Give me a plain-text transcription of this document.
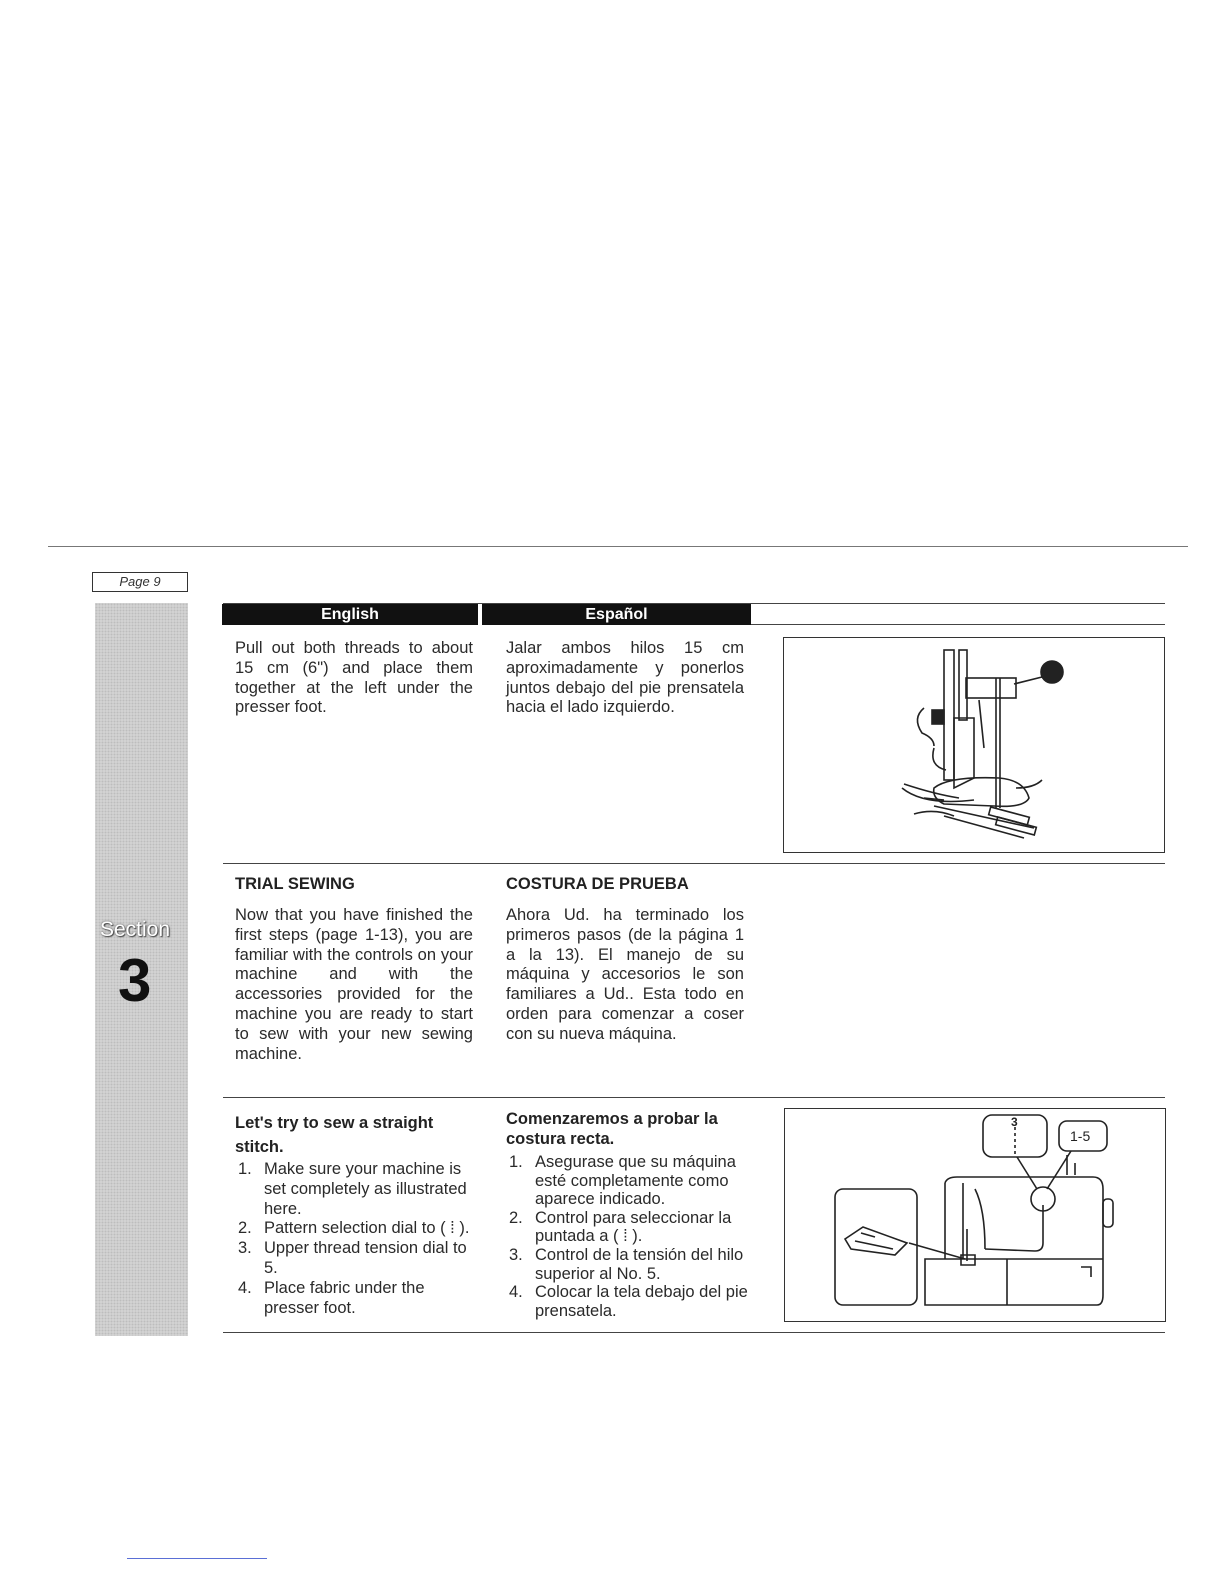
Page 9
Section
3
English	Español
Pull out both threads to about 15 cm (6") and place them together at the left under the presser foot.
Jalar ambos hilos 15 cm aproximadamente y ponerlos juntos debajo del pie prensatela hacia el lado izquierdo.
TRIAL SEWING	COSTURA DE PRUEBA
Now that you have finished the first steps (page 1-13), you are familiar with the controls on your machine and with the accessories provided for the machine you are ready to start to sew with your new sewing machine.
Ahora Ud. ha terminado los primeros pasos (de la página 1 a la 13). El manejo de su máquina y accesorios le son familiares a Ud.. Esta todo en orden para comenzar a coser con su nueva máquina.
Let's try to sew a straight stitch.
Comenzaremos a probar la costura recta.
1. Make sure your machine is set completely as illustrated here.
2. Pattern selection dial to ( ⁞ ).
3. Upper thread tension dial to 5.
4. Place fabric under the presser foot.
1. Asegurase que su máquina esté completamente como aparece indicado.
2. Control para seleccionar la puntada a ( ⁞ ).
3. Control de la tensión del hilo superior al No. 5.
4. Colocar la tela debajo del pie prensatela.
3
1-5
